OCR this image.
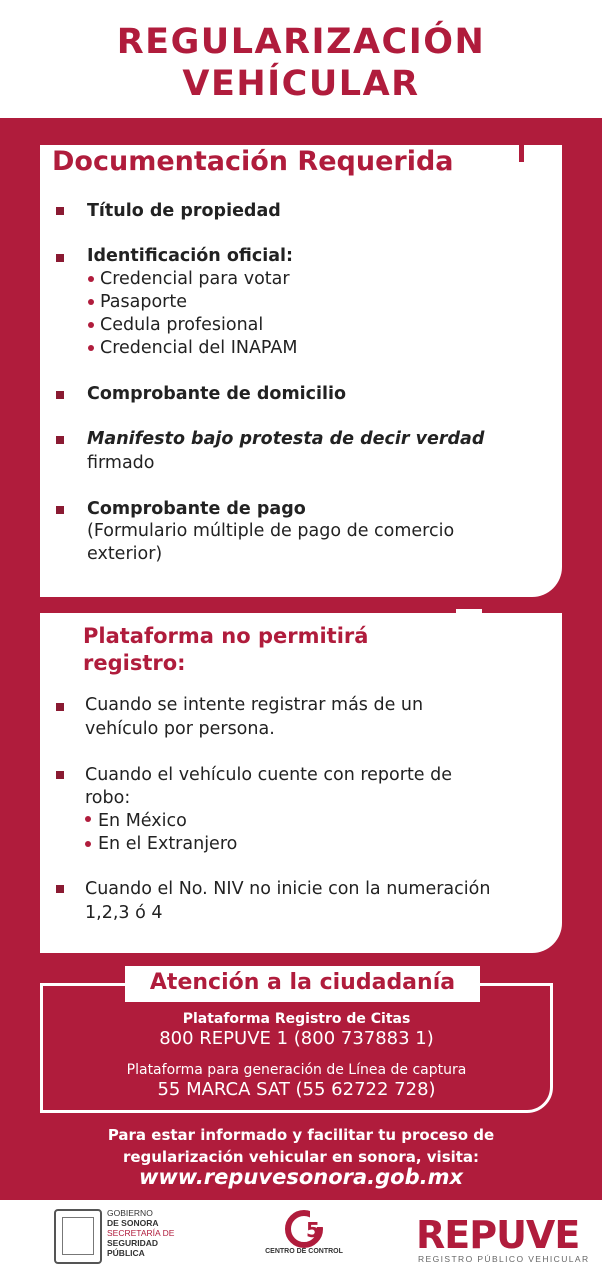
REGULARIZACIÓN
VEHÍCULAR
Documentación Requerida
Título de propiedad
Identificación oficial:
Credencial para votar
Pasaporte
Cedula profesional
Credencial del INAPAM
Comprobante de domicilio
Manifesto bajo protesta de decir verdad
firmado
Comprobante de pago
(Formulario múltiple de pago de comercio
exterior)
Plataforma no permitirá
registro:
Cuando se intente registrar más de un
vehículo por persona.
Cuando el vehículo cuente con reporte de
robo:
En México
En el Extranjero
Cuando el No. NIV no inicie con la numeración
1,2,3 ó 4
Atención a la ciudadanía
Plataforma Registro de Citas
800 REPUVE 1 (800 737883 1)
Plataforma para generación de Línea de captura
55 MARCA SAT (55 62722 728)
Para estar informado y facilitar tu proceso de
regularización vehicular en sonora, visita:
www.repuvesonora.gob.mx
GOBIERNO
DE SONORA
SECRETARÍA DE
SEGURIDAD
PÚBLICA
5
CENTRO DE CONTROL REPUVE
REGISTRO PÚBLICO VEHICULAR
